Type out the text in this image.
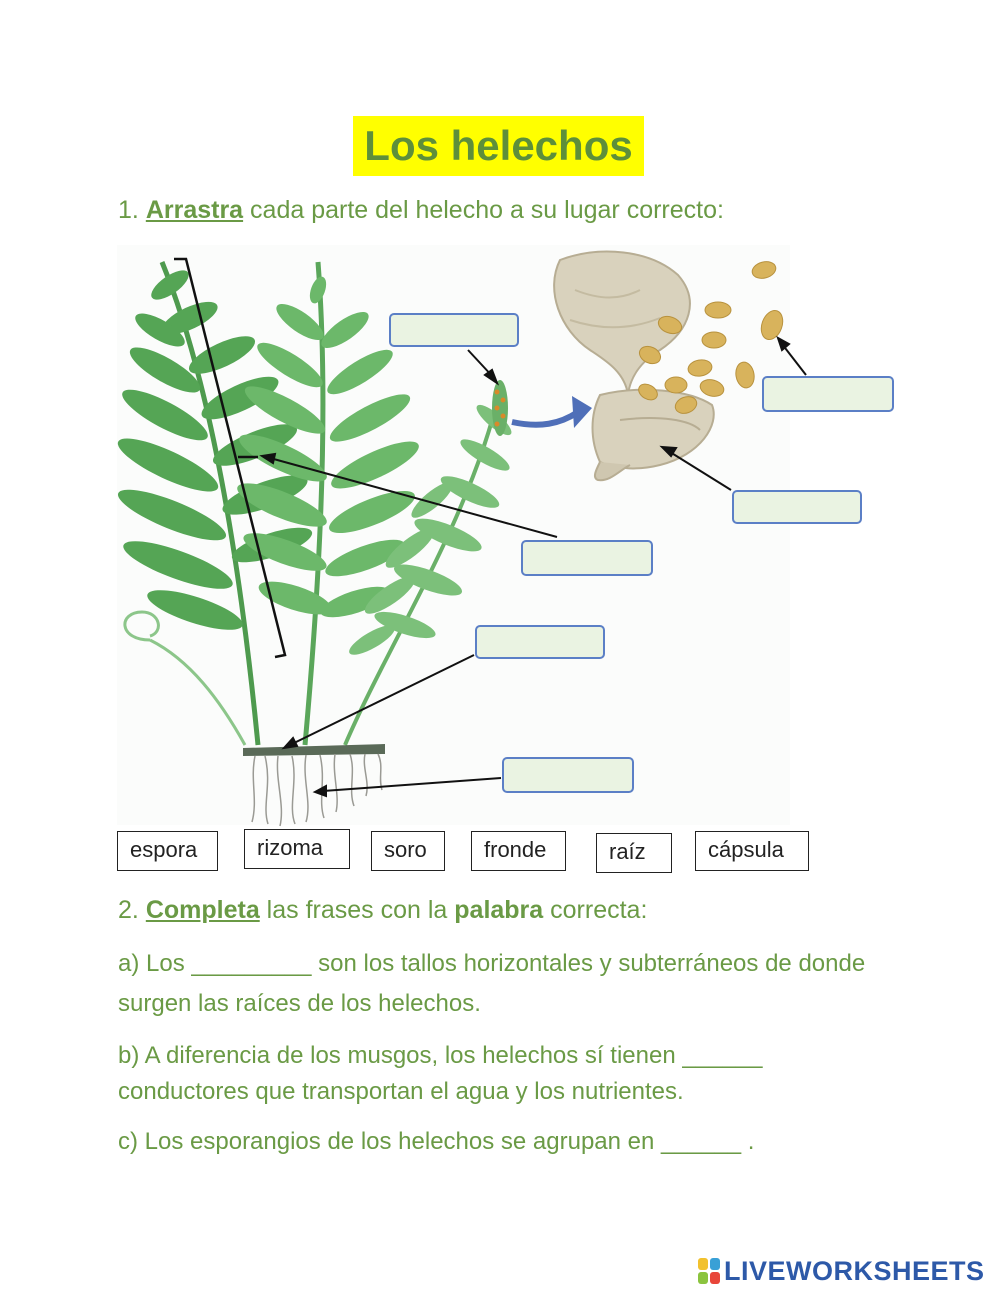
Los helechos
1. Arrastra cada parte del helecho a su lugar correcto:
espora	rizoma	soro	fronde	raíz	cápsula
2. Completa las frases con la palabra correcta:
a) Los _________ son los tallos horizontales y subterráneos de donde surgen las raíces de los helechos.
b) A diferencia de los musgos, los helechos sí tienen ______ conductores que transportan el agua y los nutrientes.
c) Los esporangios de los helechos se agrupan en ______ .
LIVEWORKSHEETS
